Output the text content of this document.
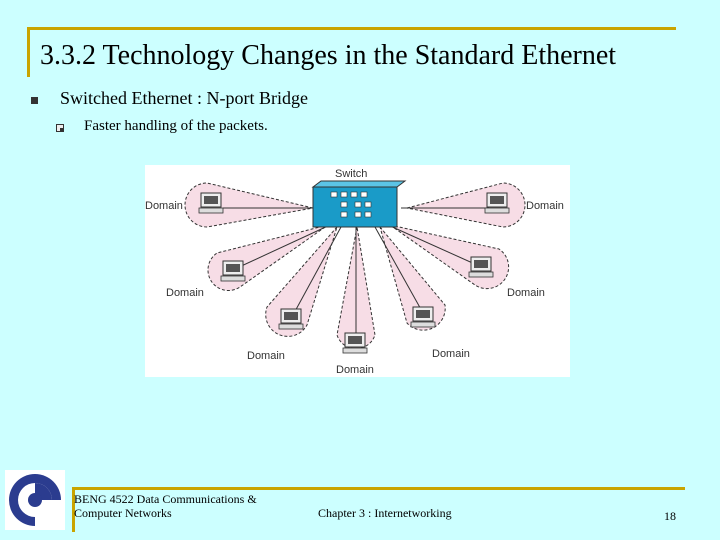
3.3.2 Technology Changes in the Standard Ethernet
Switched Ethernet : N-port Bridge
Faster handling of the packets.
Switch
Domain	Domain
Domain	Domain
Domain	Domain
Domain
BENG 4522 Data Communications & Computer Networks	Chapter 3 : Internetworking	18
